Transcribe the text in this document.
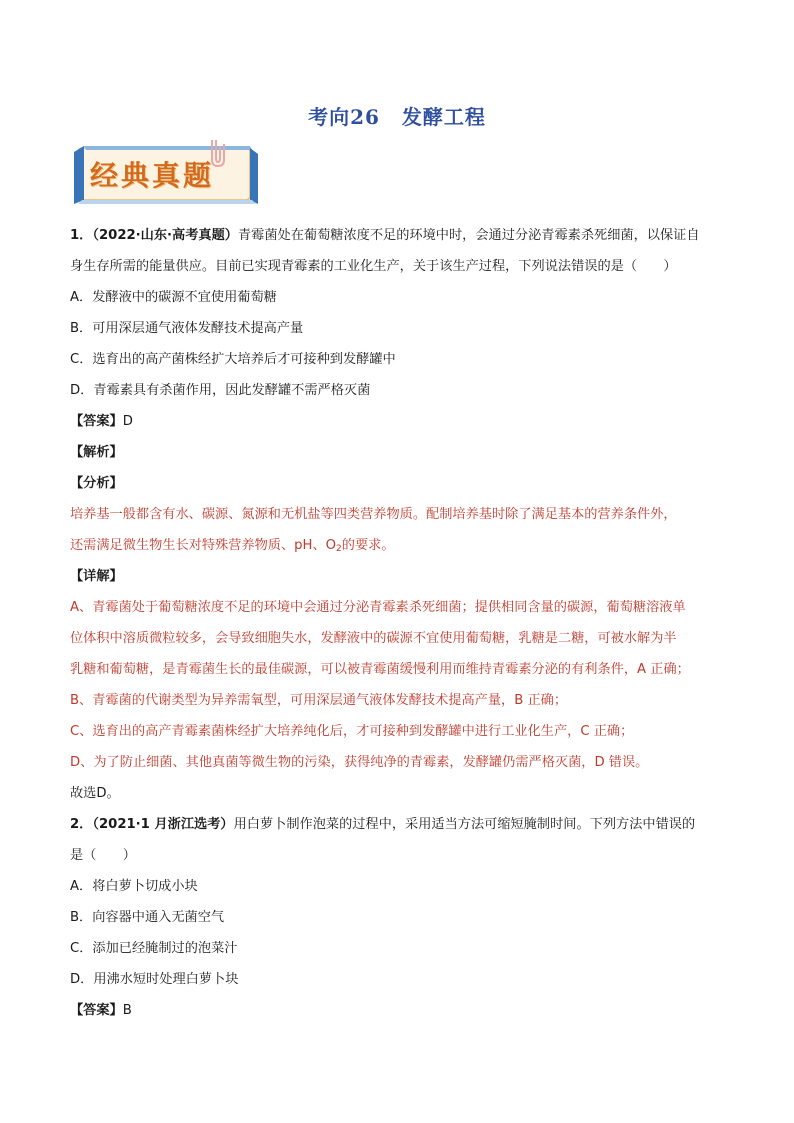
考向26 发酵工程
经典真题
1．（2022·山东·高考真题）青霉菌处在葡萄糖浓度不足的环境中时，会通过分泌青霉素杀死细菌，以保证自
身生存所需的能量供应。目前已实现青霉素的工业化生产，关于该生产过程，下列说法错误的是（　　）
A．发酵液中的碳源不宜使用葡萄糖
B．可用深层通气液体发酵技术提高产量
C．选育出的高产菌株经扩大培养后才可接种到发酵罐中
D．青霉素具有杀菌作用，因此发酵罐不需严格灭菌
【答案】D
【解析】
【分析】
培养基一般都含有水、碳源、氮源和无机盐等四类营养物质。配制培养基时除了满足基本的营养条件外，
还需满足微生物生长对特殊营养物质、pH、$O_2$的要求。
【详解】
A、青霉菌处于葡萄糖浓度不足的环境中会通过分泌青霉素杀死细菌；提供相同含量的碳源，葡萄糖溶液单
位体积中溶质微粒较多，会导致细胞失水，发酵液中的碳源不宜使用葡萄糖，乳糖是二糖，可被水解为半
乳糖和葡萄糖，是青霉菌生长的最佳碳源，可以被青霉菌缓慢利用而维持青霉素分泌的有利条件，A 正确；
B、青霉菌的代谢类型为异养需氧型，可用深层通气液体发酵技术提高产量，B 正确；
C、选育出的高产青霉素菌株经扩大培养纯化后，才可接种到发酵罐中进行工业化生产，C 正确；
D、为了防止细菌、其他真菌等微生物的污染，获得纯净的青霉素，发酵罐仍需严格灭菌，D 错误。
故选D。
2．（2021·1 月浙江选考）用白萝卜制作泡菜的过程中，采用适当方法可缩短腌制时间。下列方法中错误的
是（　　）
A．将白萝卜切成小块
B．向容器中通入无菌空气
C．添加已经腌制过的泡菜汁
D．用沸水短时处理白萝卜块
【答案】B
